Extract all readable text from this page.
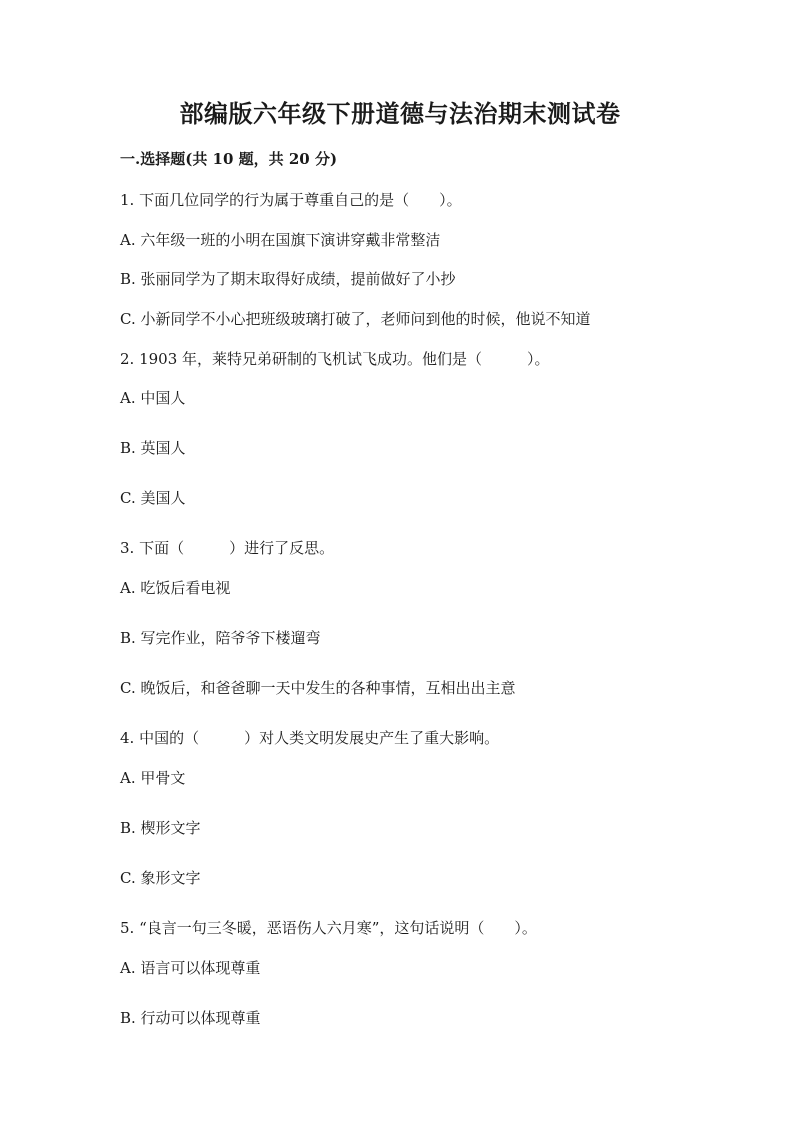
部编版六年级下册道德与法治期末测试卷
一.选择题(共 10 题，共 20 分)
1. 下面几位同学的行为属于尊重自己的是（　　）。
A. 六年级一班的小明在国旗下演讲穿戴非常整洁
B. 张丽同学为了期末取得好成绩，提前做好了小抄
C. 小新同学不小心把班级玻璃打破了，老师问到他的时候，他说不知道
2. 1903 年，莱特兄弟研制的飞机试飞成功。他们是（　　　）。
A. 中国人
B. 英国人
C. 美国人
3. 下面（　　　）进行了反思。
A. 吃饭后看电视
B. 写完作业，陪爷爷下楼遛弯
C. 晚饭后，和爸爸聊一天中发生的各种事情，互相出出主意
4. 中国的（　　　）对人类文明发展史产生了重大影响。
A. 甲骨文
B. 楔形文字
C. 象形文字
5. “良言一句三冬暖，恶语伤人六月寒”，这句话说明（　　）。
A. 语言可以体现尊重
B. 行动可以体现尊重
